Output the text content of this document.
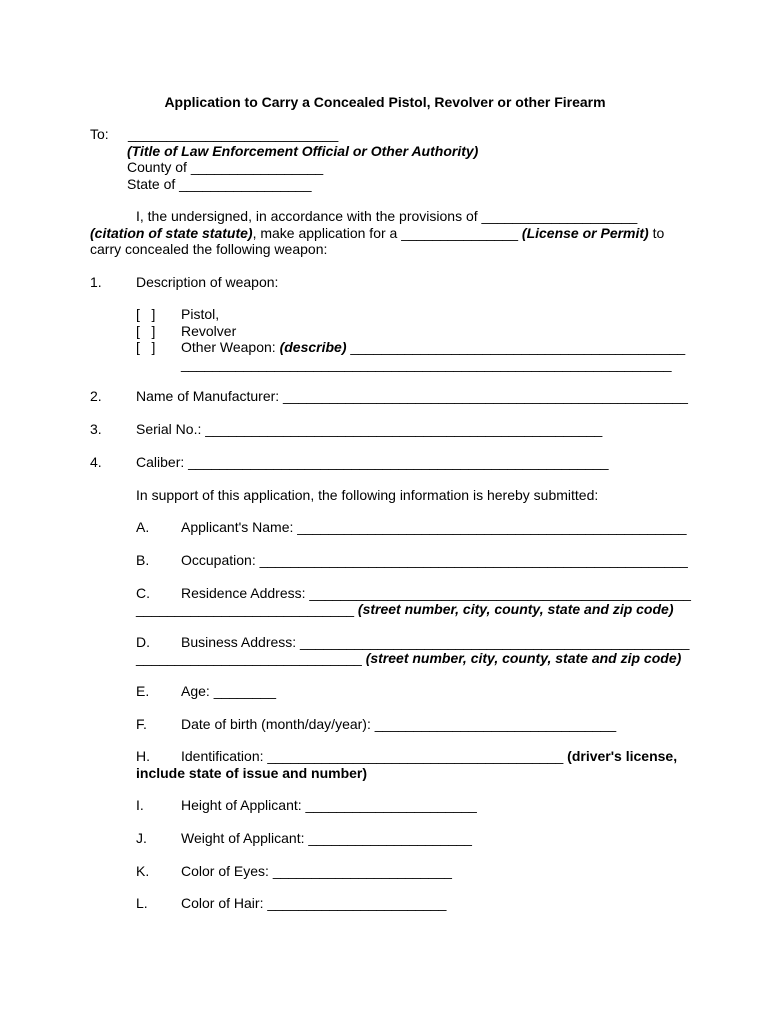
Application to Carry a Concealed Pistol, Revolver or other Firearm
To: ___________________________
(Title of Law Enforcement Official or Other Authority)
County of _________________
State of _________________
I, the undersigned, in accordance with the provisions of ____________________
(citation of state statute), make application for a _______________ (License or Permit) to
carry concealed the following weapon:
1. Description of weapon:
[   ] Pistol,
[   ] Revolver
[   ] Other Weapon: (describe) ___________________________________________
_______________________________________________________________
2. Name of Manufacturer: ____________________________________________________
3. Serial No.: ___________________________________________________
4. Caliber: ______________________________________________________
In support of this application, the following information is hereby submitted:
A. Applicant's Name: __________________________________________________
B. Occupation: _______________________________________________________
C. Residence Address: _________________________________________________
____________________________ (street number, city, county, state and zip code)
D. Business Address: __________________________________________________
_____________________________ (street number, city, county, state and zip code)
E. Age: ________
F. Date of birth (month/day/year): _______________________________
H. Identification: ______________________________________ (driver's license,
include state of issue and number)
I.	Height of Applicant: ______________________
J. Weight of Applicant: _____________________
K. Color of Eyes: _______________________
L. Color of Hair: _______________________
